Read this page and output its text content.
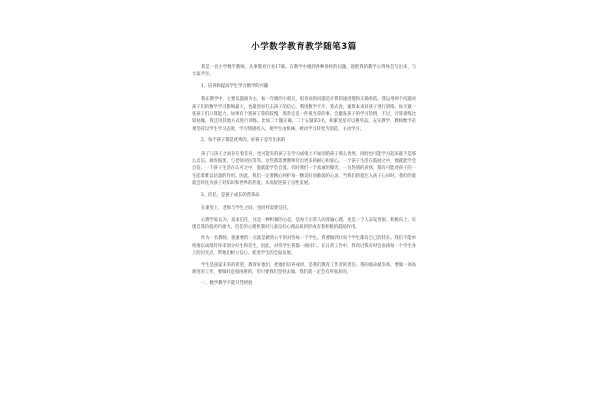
小学数学教育教学随笔3篇

我是一名小学数学教师。从事教育行业17载。在教学中遇到各种各样的问题。现把我的教学心得体会写出来，与大家共享。

1、培养和提高学生学习数学的兴趣

我在教学中，主要以鼓励为主，如一年级的小朋友，很喜欢的问题是计算的速度慢和正确率低。我运用两个问题对孩子们的数学学习影响最大，也最容易打击孩子的信心，利用数学卡片，算式卷，速算本来对孩子进行训练，每天做一张孩子们口算能力。如果有个别孩子算的较慢，那肯定是一件很光荣的事。会激发孩子的学习热情，不过，计算训练比较枯燥，我还用其他方式进行训练。比如二十题正确，二十五题第3名，积累星星可以换奖品。充实教学，教师数学必须坚持以学生学习态度、学习情感投入，使学生由机械、被动学习转变为创造、主动学习。

2、每个孩子都是优秀的，好孩子是夸出来的

孩子与孩子之间存在着差异，也可能有的孩子在学习成绩上不如别的孩子那么优秀，同时也可能学习起来就不是那么自信。调皮捣蛋，与老师对抗等等。这些都需要教师付出更多的耐心和爱心。一个孩子生活在鼓励之中，他就能学会自信；一个孩子生活在认可之中，他就能学会自爱。有时我们一个真诚的微笑、一句热情的表扬，都有可能对孩子的一生起着难以估量的作用。因此，我们一定要精心呵护每一颗美好而脆弱的心灵。当我们的爱注入孩子心田时，我们的爱就会转化为孩子对知识和世界的热爱，从而促进孩子良性发展。

3、信任，是孩子成长的营养品

在课堂上，老师与学生之间，也同样需要信任。

心理学家认为，追求信任，这是一种积极的心态，是每个正常人的普遍心理，也是一个人奋发进取、积极向上、实现自我价值的内驱力。信任的心理机制对儿童良好心理品质的形成有着积极的鼓励作用。

作为一名教师，很重要的一点就是做到公平的对待每一个学生。我要做到让每个学生都有自己的特长。我们不能单纯地以成绩好坏来划分好生和差生。因此，对待学生我都一视同仁，在日常工作中，我说过我有时会表扬每一个学生身上的闪光点，帮他们树立信心，促进学生的全面发展。

学生是国家未来的希望，教育好他们，把他们培养成材，是我们教育工作者的责任。我的使命最崇高，要做一项高难度的工作，要做好是很困难的，但只要我们坚持去做，我们就一定会有所收获的。

一、数学教学不能只凭经验
